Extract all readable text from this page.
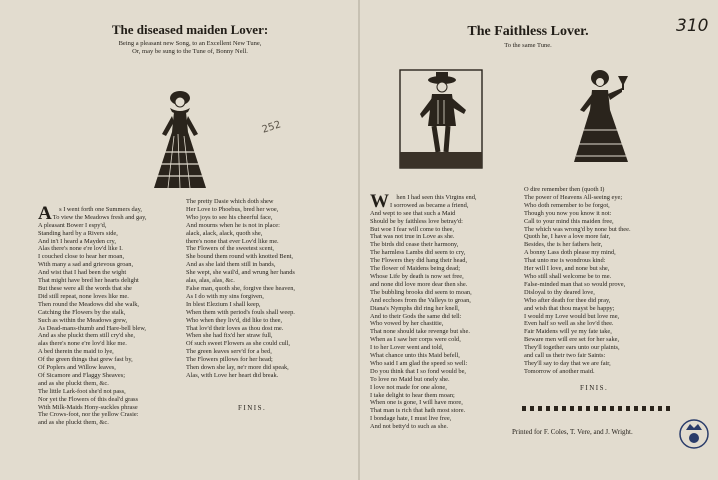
310
252
The diseased maiden Lover:
Being a pleasant new Song, to an Excellent New Tune,
Or, may be sung to the Tune of, Bonny Nell.

A s I went forth one Summers day,
To view the Meadows fresh and gay,
A pleasant Bower I espy'd,
Standing hard by a Rivers side,
And in't I heard a Mayden cry,
Alas there's none e're lov'd like I.
I couched close to hear her moan,
With many a sad and grievous groan,
And wist that I had been the wight
That might have bred her hearts delight
But these were all the words that she
Did still repeat, none loves like me.
Then round the Meadows did she walk,
Catching the Flowers by the stalk,
Such as within the Meadows grew,
As Dead-mans-thumb and Hare-bell blew,
And as she pluckt them still cry'd she,
alas there's none e're lov'd like me.
A bed therein the maid to lye,
Of the green things that grew fast by,
Of Poplers and Willow leaves,
Of Sicamore and Flaggy Sheaves;
and as she pluckt them, &c.
The little Lark-foot she'd not pass,
Nor yet the Flowers of this deal'd grass
With Milk-Maids Hony-suckles phrase
The Crows-foot, nor the yellow Crasie:
and as she pluckt them, &c.

The pretty Dasie which doth shew
Her Love to Phoebus, bred her woe,
Who joys to see his cheerful face,
And mourns when he is not in place:
alack, alack, alack, quoth she,
there's none that ever Lov'd like me.
The Flowers of the sweetest scent,
She bound them round with knotted Bent,
And as she laid them still in bands,
She wept, she wail'd, and wrung her hands
alas, alas, alas, &c.
False man, quoth she, forgive thee heaven,
As I do with my sins forgiven,
In blest Elezium I shall keep,
When them with period's fouls shall weep.
Who when they liv'd, did like to thee,
That lov'd their loves as thou dost me.
When she had fix'd her straw full,
Of such sweet Flowers as she could cull,
The green leaves serv'd for a bed,
The Flowers pillows for her head;
Then down she lay, ne'r more did speak,
Alas, with Love her heart did break.
FINIS.
The Faithless Lover.
To the same Tune.

W hen I had seen this Virgins end,
I sorrowed as became a friend,
And wept to see that such a Maid
Should be by faithless love betray'd:
But woe I fear will come to thee,
That was not true in Love as she.
The birds did cease their harmony,
The harmless Lambs did seem to cry,
The Flowers they did hang their head,
The flower of Maidens being dead;
Whose Life by death is now set free,
and none did love more dear then she.
The bubbling brooks did seem to moan,
And ecchoes from the Valleys to groan,
Diana's Nymphs did ring her knell,
And to their Gods the same did tell:
Who vowed by her chastitie,
That none should take revenge but she.
When as I saw her corps were cold,
I to her Lover went and told,
What chance unto this Maid befell,
Who said I am glad the speed so well:
Do you think that I so fond would be,
To love no Maid but onely she.
I love not made for one alone,
I take delight to hear them moan;
When one is gone, I will have more,
That man is rich that hath most store.
I bondage hate, I must live free,
And not betty'd to such as she.

O dire remember then (quoth I)
The power of Heavens All-seeing eye;
Who doth remember to be forgot,
Though you now you know it not:
Call to your mind this maiden free,
The which was wrong'd by none but thee.
Quoth he, I have a love more fair,
Besides, the is her fathers heir,
A bonny Lass doth please my mind,
That unto me is wondrous kind:
Her will I love, and none but she,
Who still shall welcome be to me.
False-minded man that so would prove,
Disloyal to thy deared love,
Who after death for thee did pray,
and wish that thou mayst be happy;
I would my Love would but love me,
Even half so well as she lov'd thee.
Fair Maidens will ye my fate take,
Beware men will ere set for her sake,
They'll together ears unto our plaints,
and call us their two fair Saints:
They'll say to day that we are fair,
Tomorrow of another maid.
FINIS.
Printed for F. Coles, T. Vere, and J. Wright.
